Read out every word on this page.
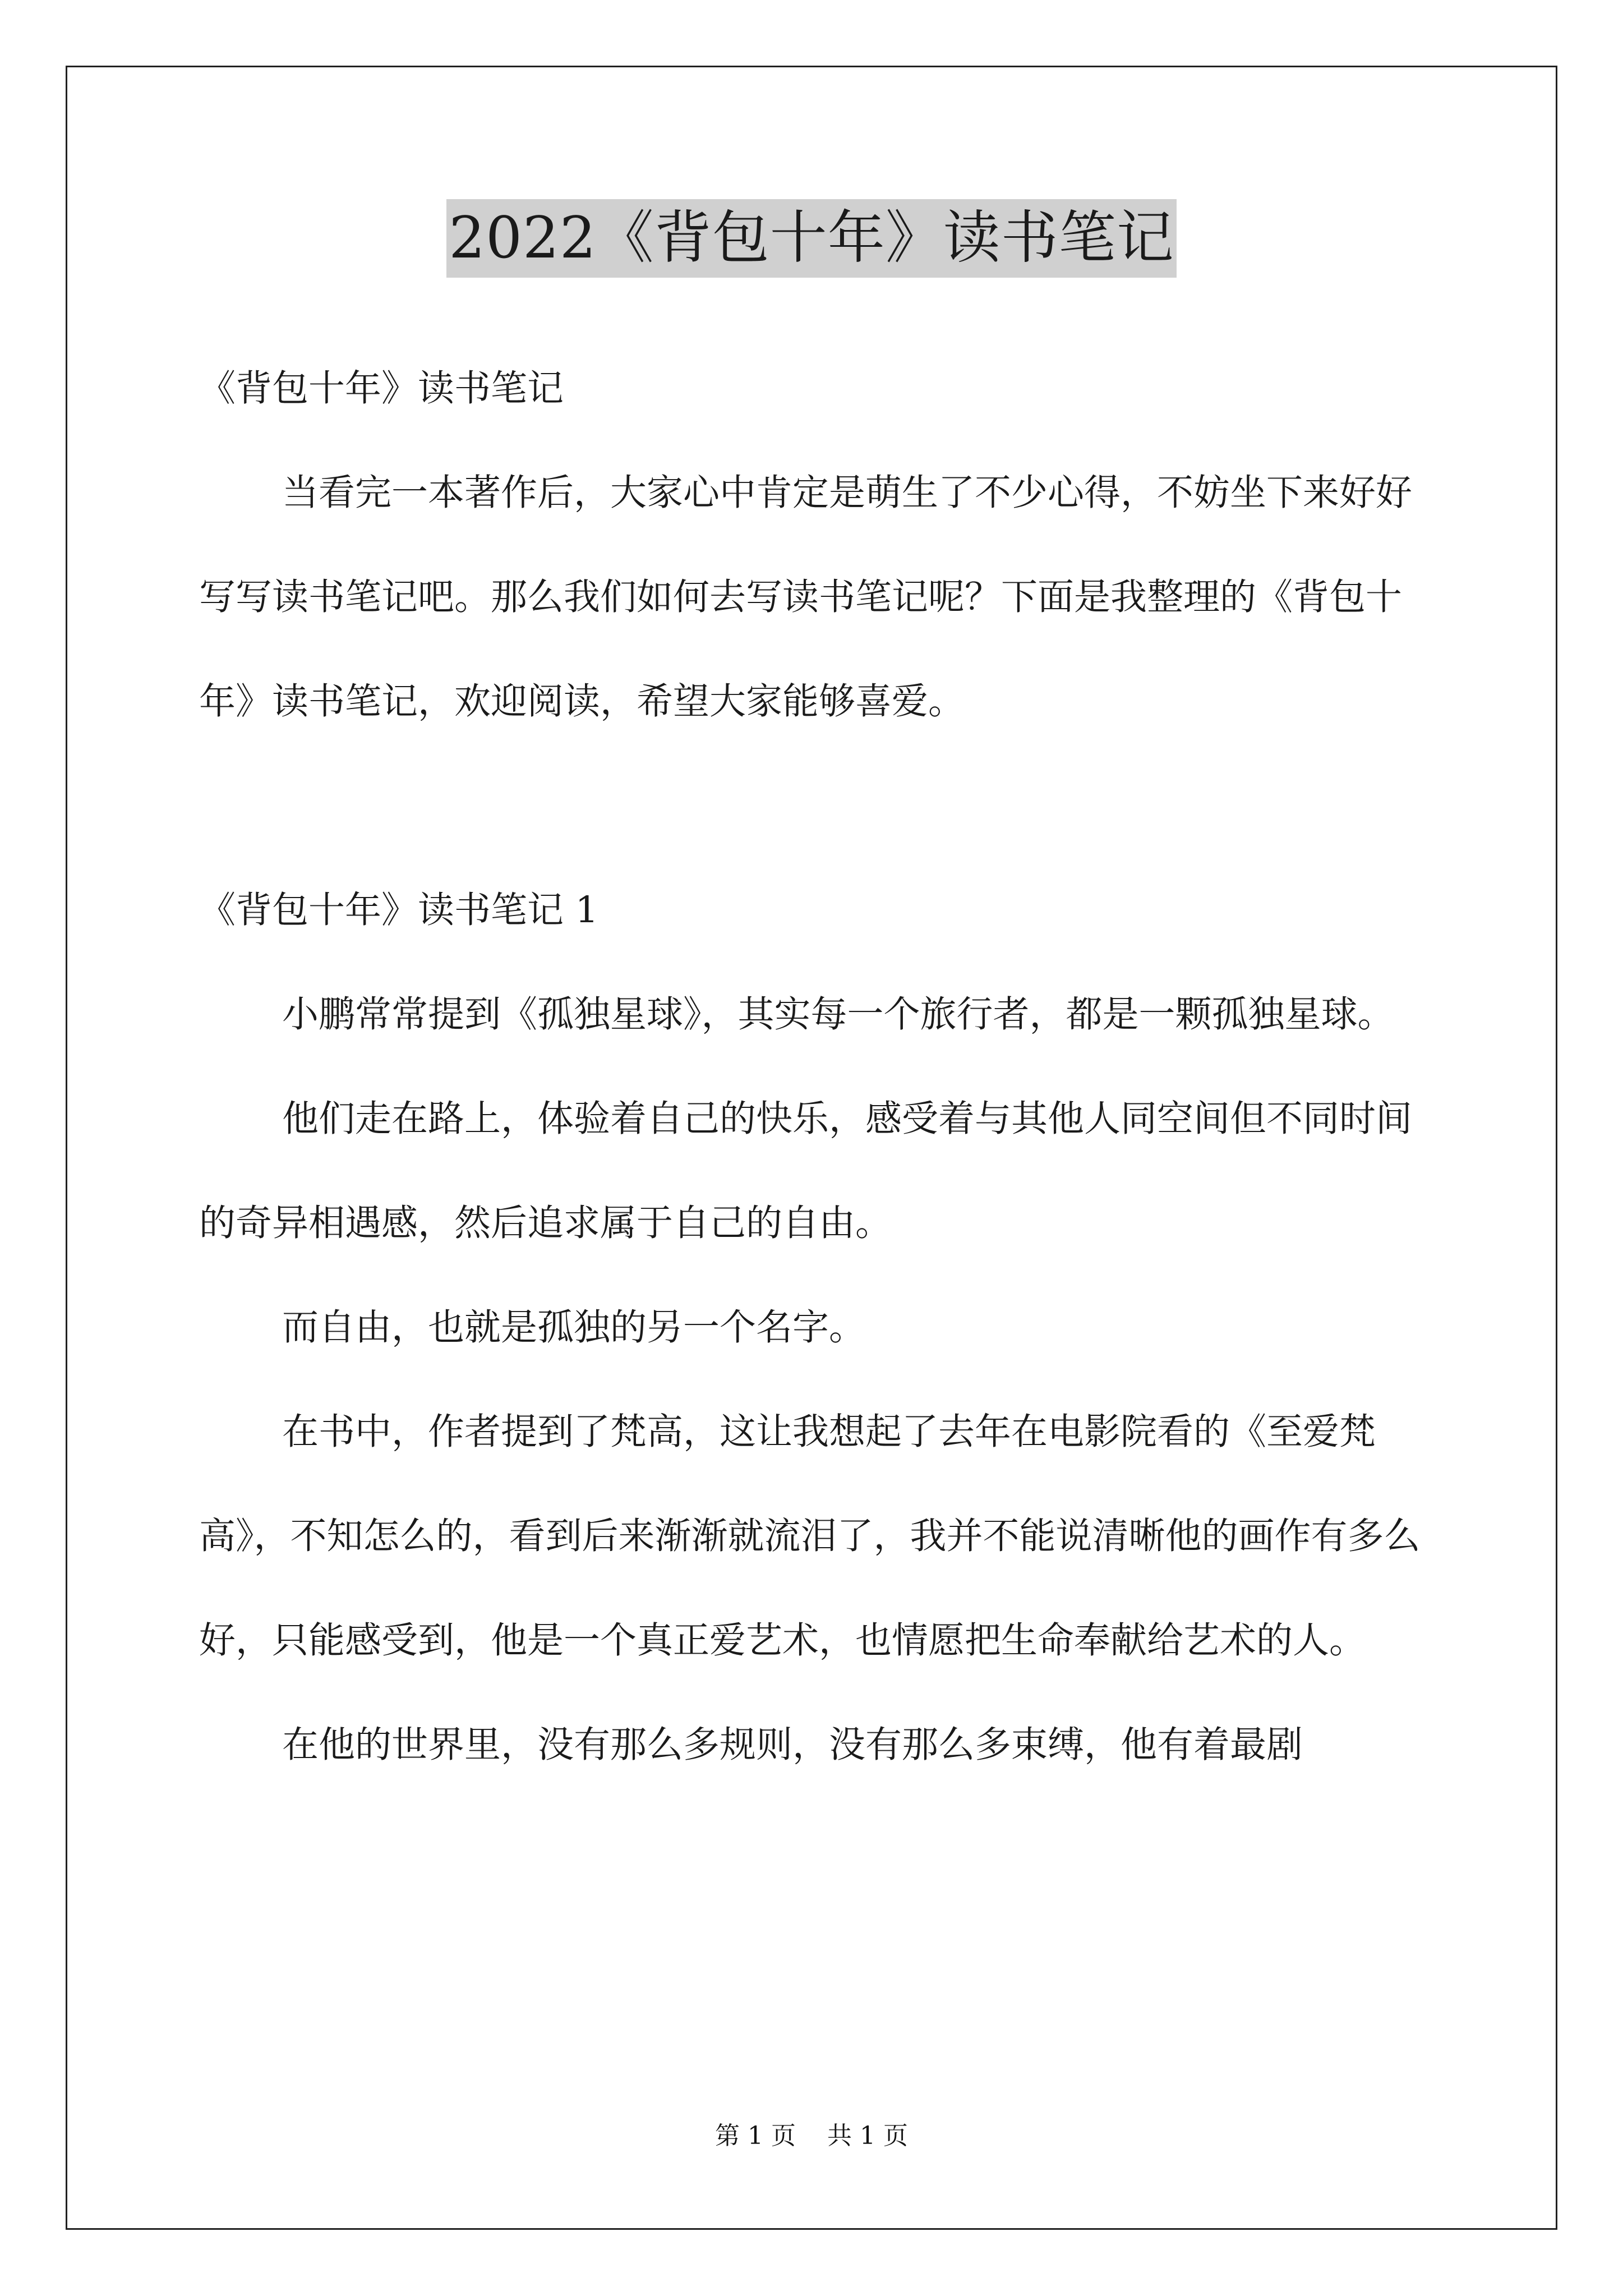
2022《背包十年》读书笔记

《背包十年》读书笔记

当看完一本著作后，大家心中肯定是萌生了不少心得，不妨坐下来好好写写读书笔记吧。那么我们如何去写读书笔记呢？下面是我整理的《背包十年》读书笔记，欢迎阅读，希望大家能够喜爱。

《背包十年》读书笔记 1

小鹏常常提到《孤独星球》，其实每一个旅行者，都是一颗孤独星球。

他们走在路上，体验着自己的快乐，感受着与其他人同空间但不同时间的奇异相遇感，然后追求属于自己的自由。

而自由，也就是孤独的另一个名字。

在书中，作者提到了梵高，这让我想起了去年在电影院看的《至爱梵高》，不知怎么的，看到后来渐渐就流泪了，我并不能说清晰他的画作有多么好，只能感受到，他是一个真正爱艺术，也情愿把生命奉献给艺术的人。

在他的世界里，没有那么多规则，没有那么多束缚，他有着最剧

第 1 页 共 1 页
